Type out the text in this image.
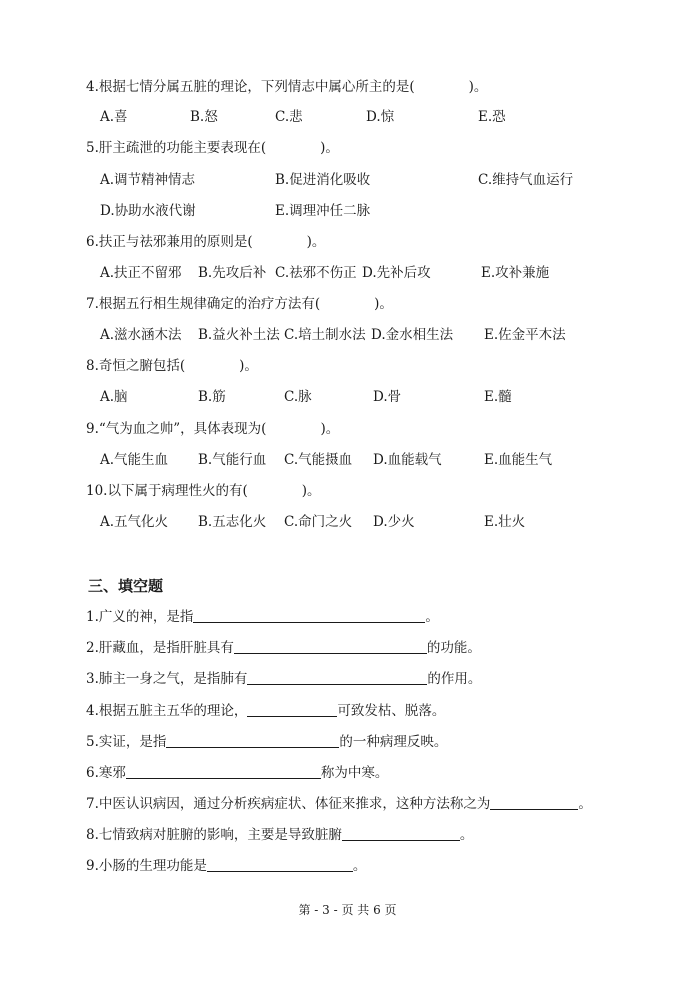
4.根据七情分属五脏的理论，下列情志中属心所主的是(　　　　)。
A.喜	B.怒	C.悲	D.惊	E.恐
5.肝主疏泄的功能主要表现在(　　　　)。
A.调节精神情志	B.促进消化吸收	C.维持气血运行
D.协助水液代谢	E.调理冲任二脉
6.扶正与祛邪兼用的原则是(　　　　)。
A.扶正不留邪 B.先攻后补 C.祛邪不伤正 D.先补后攻	E.攻补兼施
7.根据五行相生规律确定的治疗方法有(　　　　)。
A.滋水涵木法 B.益火补土法 C.培土制水法 D.金水相生法 E.佐金平木法
8.奇恒之腑包括(　　　　)。
A.脑	B.筋	C.脉	D.骨	E.髓
9.“气为血之帅”，具体表现为(　　　　)。
A.气能生血 B.气能行血 C.气能摄血 D.血能载气	E.血能生气
10.以下属于病理性火的有(　　　　)。
A.五气化火 B.五志化火 C.命门之火 D.少火	E.壮火
三、填空题
1.广义的神，是指	。
2.肝藏血，是指肝脏具有	的功能。
3.肺主一身之气，是指肺有	的作用。
4.根据五脏主五华的理论，	可致发枯、脱落。
5.实证，是指	的一种病理反映。
6.寒邪	称为中寒。
7.中医认识病因，通过分析疾病症状、体征来推求，这种方法称之为	。
8.七情致病对脏腑的影响，主要是导致脏腑	。
9.小肠的生理功能是	。
第 - 3 - 页 共 6 页
